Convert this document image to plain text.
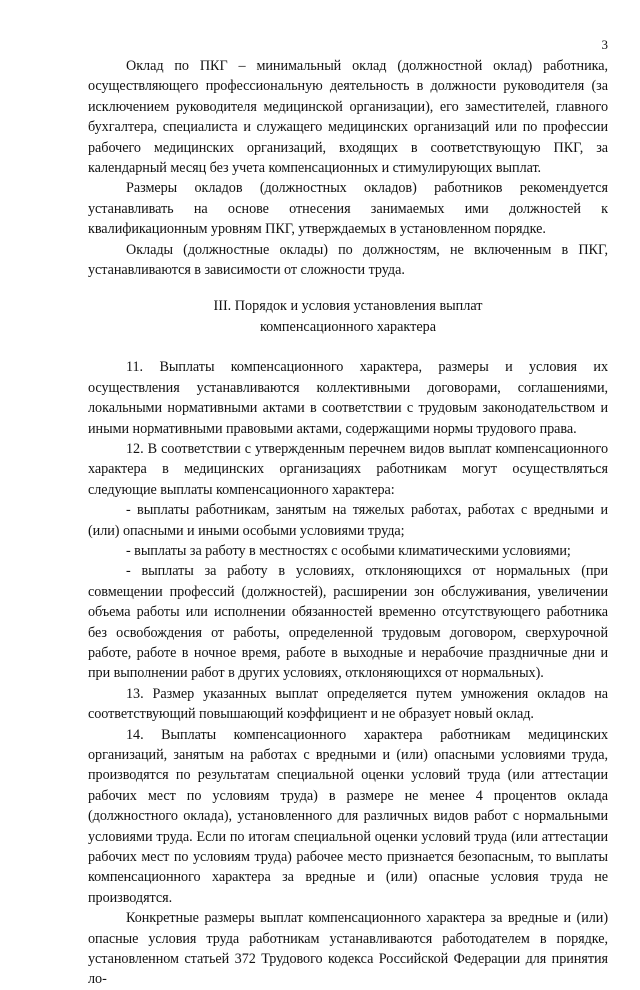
3

Оклад по ПКГ – минимальный оклад (должностной оклад) работника, осуществляющего профессиональную деятельность в должности руководителя (за исключением руководителя медицинской организации), его заместителей, главного бухгалтера, специалиста и служащего медицинских организаций или по профессии рабочего медицинских организаций, входящих в соответствующую ПКГ, за календарный месяц без учета компенсационных и стимулирующих выплат.

Размеры окладов (должностных окладов) работников рекомендуется устанавливать на основе отнесения занимаемых ими должностей к квалификационным уровням ПКГ, утверждаемых в установленном порядке.

Оклады (должностные оклады) по должностям, не включенным в ПКГ, устанавливаются в зависимости от сложности труда.

III. Порядок и условия установления выплат
компенсационного характера

11. Выплаты компенсационного характера, размеры и условия их осуществления устанавливаются коллективными договорами, соглашениями, локальными нормативными актами в соответствии с трудовым законодательством и иными нормативными правовыми актами, содержащими нормы трудового права.

12. В соответствии с утвержденным перечнем видов выплат компенсационного характера в медицинских организациях работникам могут осуществляться следующие выплаты компенсационного характера:

- выплаты работникам, занятым на тяжелых работах, работах с вредными и (или) опасными и иными особыми условиями труда;

- выплаты за работу в местностях с особыми климатическими условиями;

- выплаты за работу в условиях, отклоняющихся от нормальных (при совмещении профессий (должностей), расширении зон обслуживания, увеличении объема работы или исполнении обязанностей временно отсутствующего работника без освобождения от работы, определенной трудовым договором, сверхурочной работе, работе в ночное время, работе в выходные и нерабочие праздничные дни и при выполнении работ в других условиях, отклоняющихся от нормальных).

13. Размер указанных выплат определяется путем умножения окладов на соответствующий повышающий коэффициент и не образует новый оклад.

14. Выплаты компенсационного характера работникам медицинских организаций, занятым на работах с вредными и (или) опасными условиями труда, производятся по результатам специальной оценки условий труда (или аттестации рабочих мест по условиям труда) в размере не менее 4 процентов оклада (должностного оклада), установленного для различных видов работ с нормальными условиями труда. Если по итогам специальной оценки условий труда (или аттестации рабочих мест по условиям труда) рабочее место признается безопасным, то выплаты компенсационного характера за вредные и (или) опасные условия труда не производятся.

Конкретные размеры выплат компенсационного характера за вредные и (или) опасные условия труда работникам устанавливаются работодателем в порядке, установленном статьей 372 Трудового кодекса Российской Федерации для принятия ло-
